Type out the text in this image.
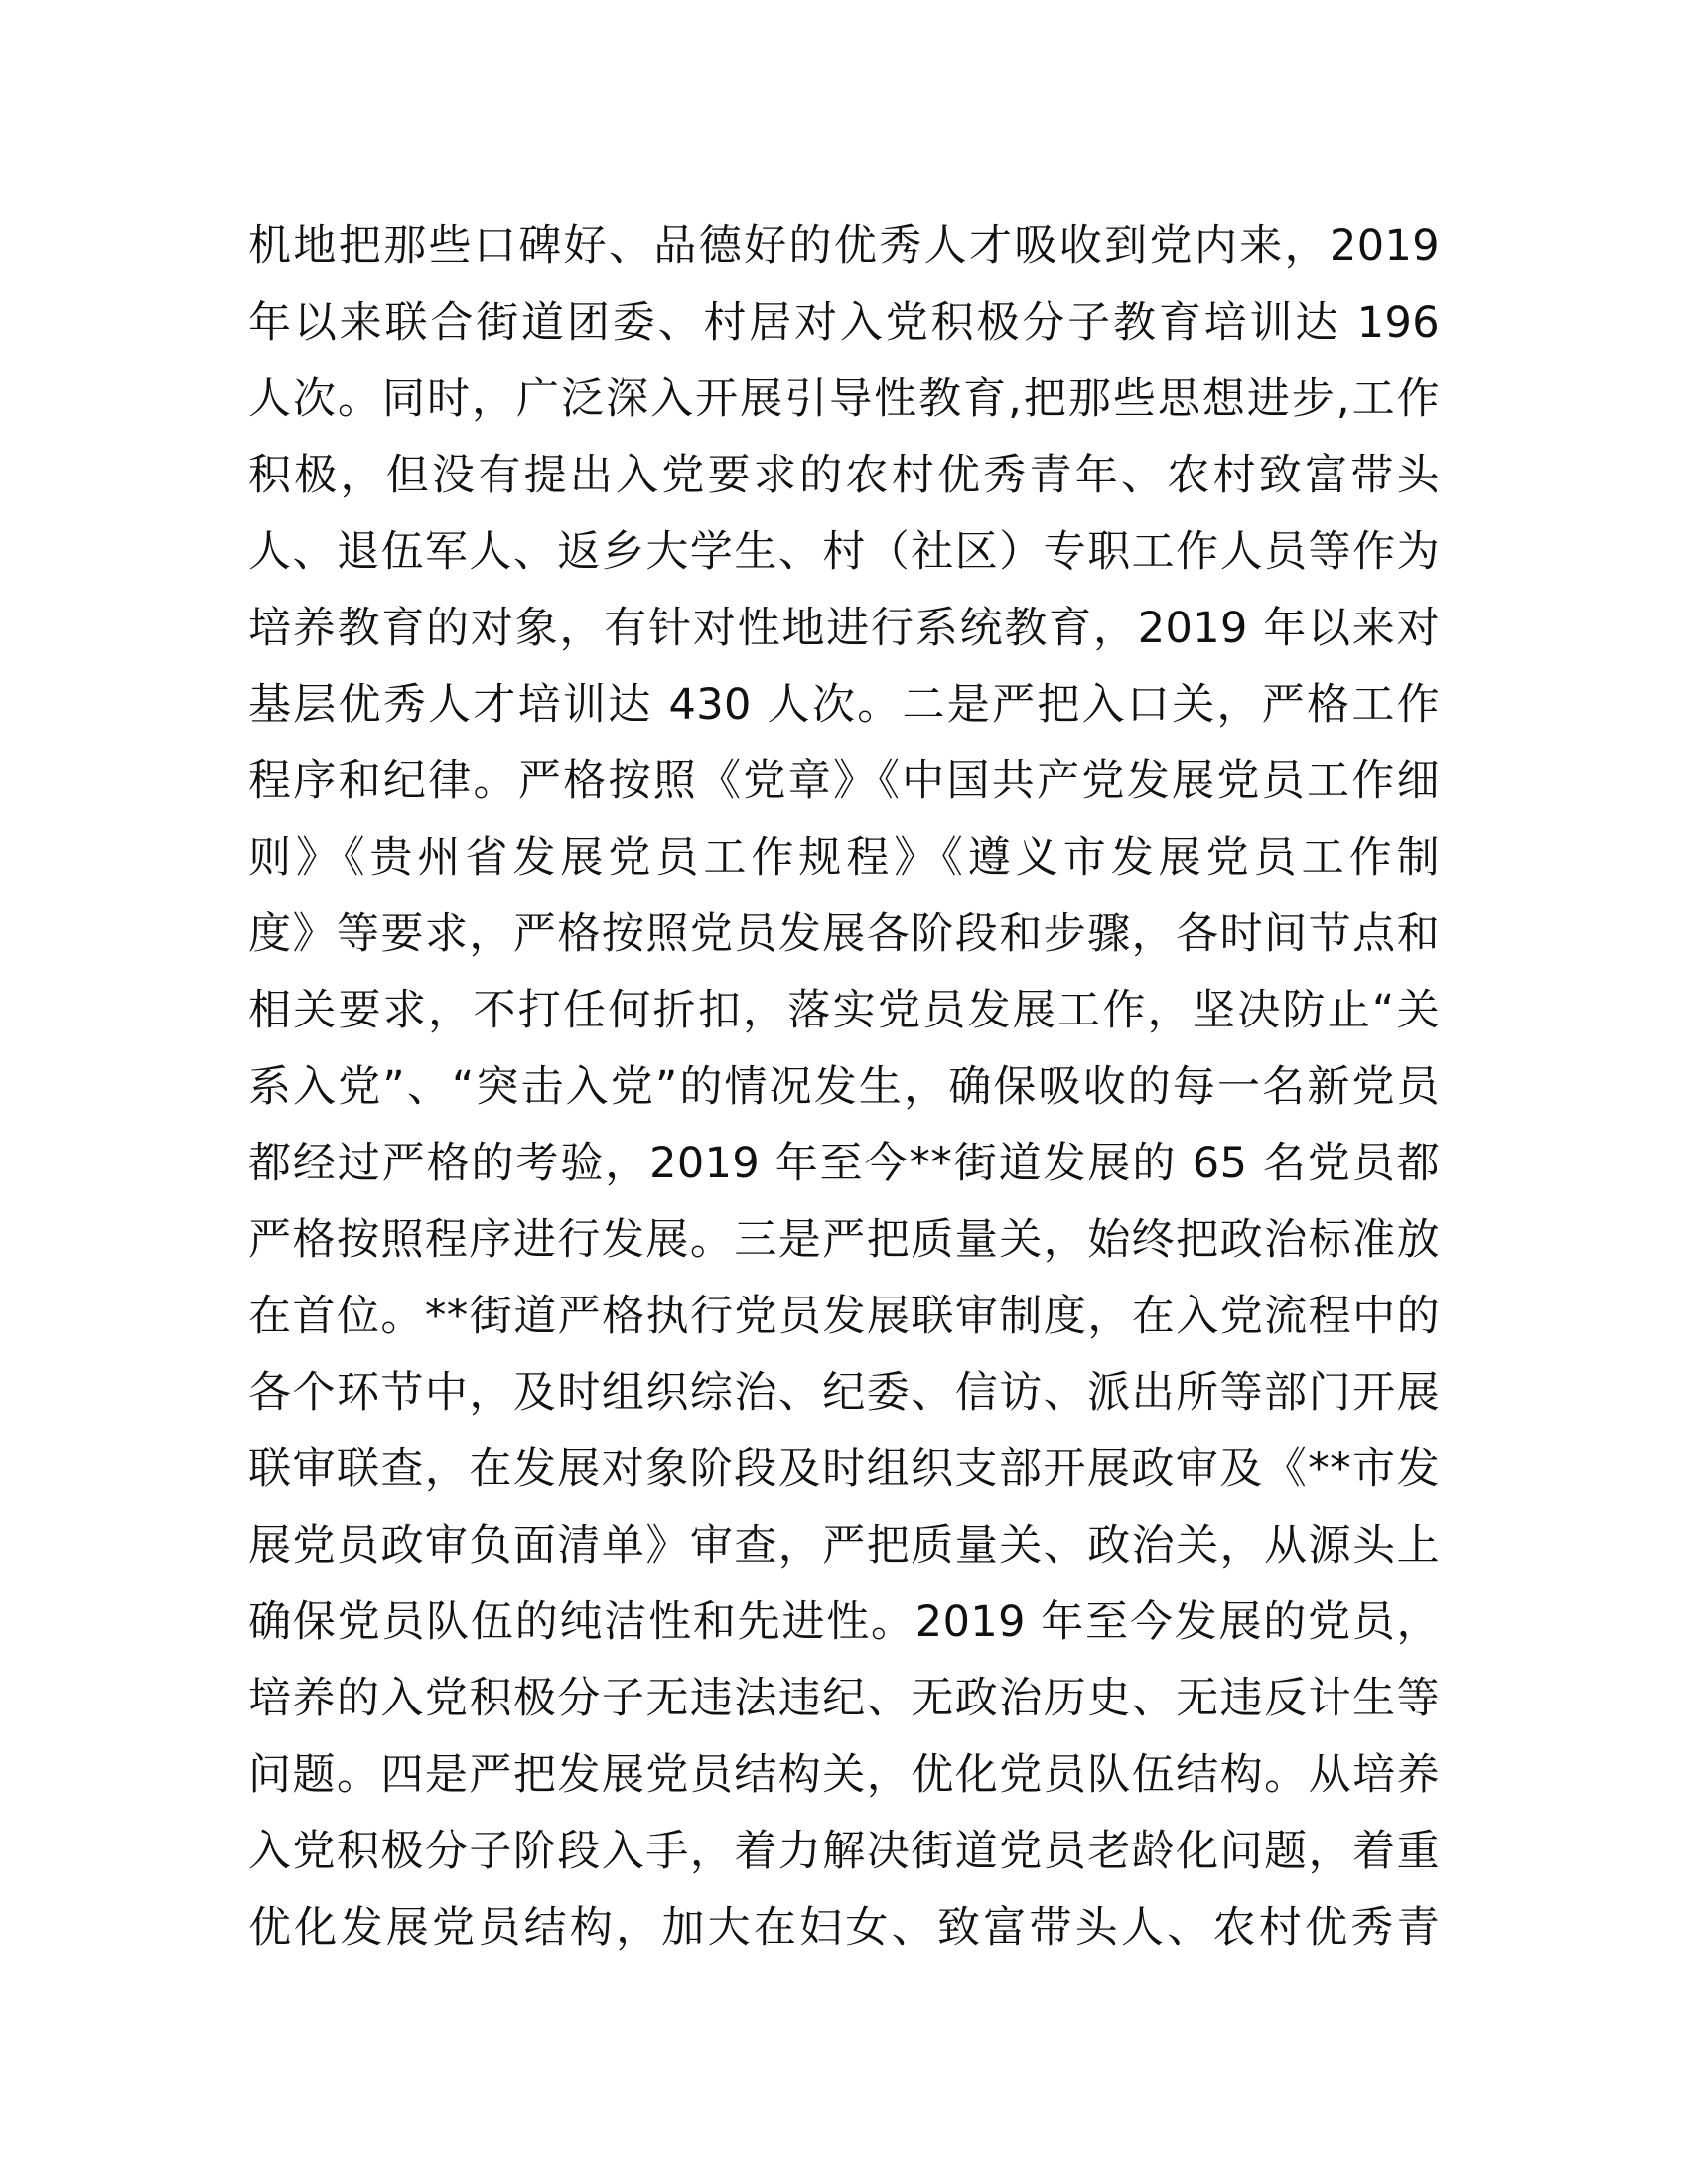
机地把那些口碑好、品德好的优秀人才吸收到党内来，2019
年以来联合街道团委、村居对入党积极分子教育培训达 196
人次。同时，广泛深入开展引导性教育,把那些思想进步,工作
积极，但没有提出入党要求的农村优秀青年、农村致富带头
人、退伍军人、返乡大学生、村（社区）专职工作人员等作为
培养教育的对象，有针对性地进行系统教育，2019 年以来对
基层优秀人才培训达 430 人次。二是严把入口关，严格工作
程序和纪律。严格按照《党章》《中国共产党发展党员工作细
则》《贵州省发展党员工作规程》《遵义市发展党员工作制
度》等要求，严格按照党员发展各阶段和步骤，各时间节点和
相关要求，不打任何折扣，落实党员发展工作，坚决防止“关
系入党”、“突击入党”的情况发生，确保吸收的每一名新党员
都经过严格的考验，2019 年至今**街道发展的 65 名党员都
严格按照程序进行发展。三是严把质量关，始终把政治标准放
在首位。**街道严格执行党员发展联审制度，在入党流程中的
各个环节中，及时组织综治、纪委、信访、派出所等部门开展
联审联查，在发展对象阶段及时组织支部开展政审及《**市发
展党员政审负面清单》审查，严把质量关、政治关，从源头上
确保党员队伍的纯洁性和先进性。2019 年至今发展的党员，
培养的入党积极分子无违法违纪、无政治历史、无违反计生等
问题。四是严把发展党员结构关，优化党员队伍结构。从培养
入党积极分子阶段入手，着力解决街道党员老龄化问题，着重
优化发展党员结构，加大在妇女、致富带头人、农村优秀青
